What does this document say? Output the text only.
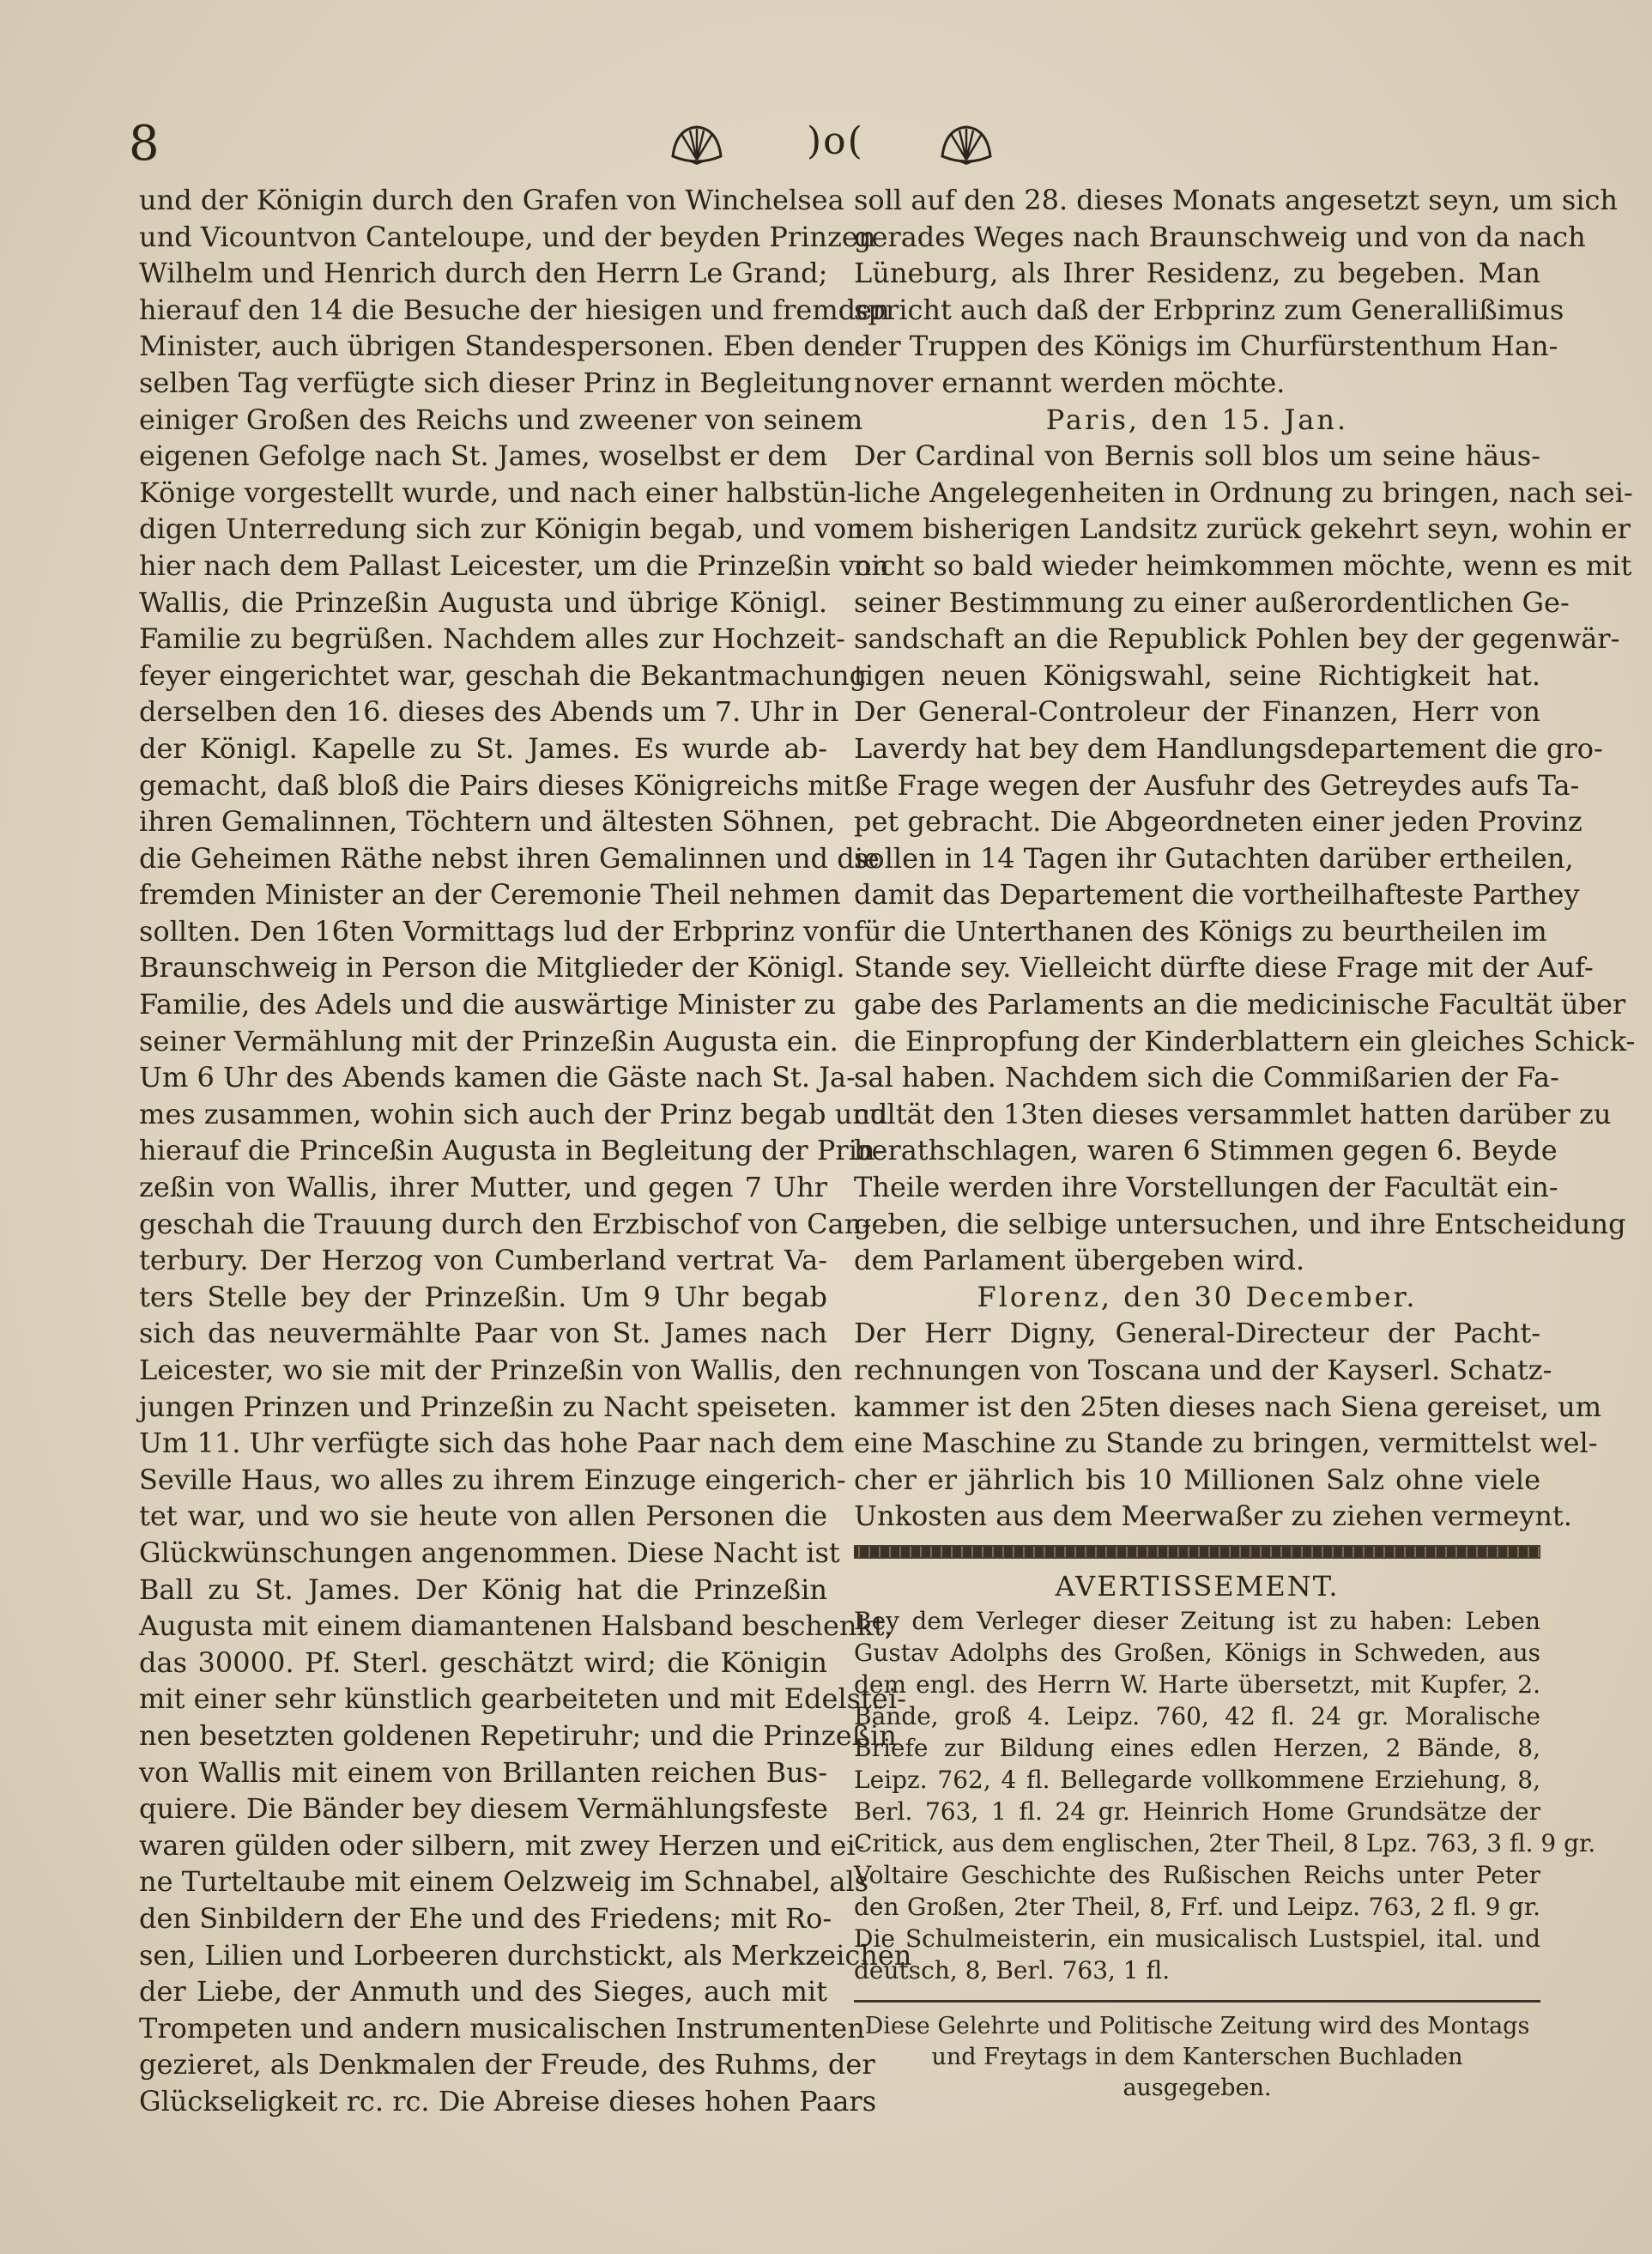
8	)o(
und der Königin durch den Grafen von Winchelsea
und Vicountvon Canteloupe, und der beyden Prinzen
Wilhelm und Henrich durch den Herrn Le Grand;
hierauf den 14 die Besuche der hiesigen und fremden
Minister, auch übrigen Standespersonen. Eben den-
selben Tag verfügte sich dieser Prinz in Begleitung
einiger Großen des Reichs und zweener von seinem
eigenen Gefolge nach St. James, woselbst er dem
Könige vorgestellt wurde, und nach einer halbstün-
digen Unterredung sich zur Königin begab, und von
hier nach dem Pallast Leicester, um die Prinzeßin von
Wallis, die Prinzeßin Augusta und übrige Königl.
Familie zu begrüßen. Nachdem alles zur Hochzeit-
feyer eingerichtet war, geschah die Bekantmachung
derselben den 16. dieses des Abends um 7. Uhr in
der Königl. Kapelle zu St. James. Es wurde ab-
gemacht, daß bloß die Pairs dieses Königreichs mit
ihren Gemalinnen, Töchtern und ältesten Söhnen,
die Geheimen Räthe nebst ihren Gemalinnen und die
fremden Minister an der Ceremonie Theil nehmen
sollten. Den 16ten Vormittags lud der Erbprinz von
Braunschweig in Person die Mitglieder der Königl.
Familie, des Adels und die auswärtige Minister zu
seiner Vermählung mit der Prinzeßin Augusta ein.
Um 6 Uhr des Abends kamen die Gäste nach St. Ja-
mes zusammen, wohin sich auch der Prinz begab und
hierauf die Princeßin Augusta in Begleitung der Prin-
zeßin von Wallis, ihrer Mutter, und gegen 7 Uhr
geschah die Trauung durch den Erzbischof von Can-
terbury. Der Herzog von Cumberland vertrat Va-
ters Stelle bey der Prinzeßin. Um 9 Uhr begab
sich das neuvermählte Paar von St. James nach
Leicester, wo sie mit der Prinzeßin von Wallis, den
jungen Prinzen und Prinzeßin zu Nacht speiseten.
Um 11. Uhr verfügte sich das hohe Paar nach dem
Seville Haus, wo alles zu ihrem Einzuge eingerich-
tet war, und wo sie heute von allen Personen die
Glückwünschungen angenommen. Diese Nacht ist
Ball zu St. James. Der König hat die Prinzeßin
Augusta mit einem diamantenen Halsband beschenkt,
das 30000. Pf. Sterl. geschätzt wird; die Königin
mit einer sehr künstlich gearbeiteten und mit Edelstei-
nen besetzten goldenen Repetiruhr; und die Prinzeßin
von Wallis mit einem von Brillanten reichen Bus-
quiere. Die Bänder bey diesem Vermählungsfeste
waren gülden oder silbern, mit zwey Herzen und ei-
ne Turteltaube mit einem Oelzweig im Schnabel, als
den Sinbildern der Ehe und des Friedens; mit Ro-
sen, Lilien und Lorbeeren durchstickt, als Merkzeichen
der Liebe, der Anmuth und des Sieges, auch mit
Trompeten und andern musicalischen Instrumenten
gezieret, als Denkmalen der Freude, des Ruhms, der
Glückseligkeit rc. rc. Die Abreise dieses hohen Paars
soll auf den 28. dieses Monats angesetzt seyn, um sich
gerades Weges nach Braunschweig und von da nach
Lüneburg, als Ihrer Residenz, zu begeben. Man
spricht auch daß der Erbprinz zum Generallißimus
der Truppen des Königs im Churfürstenthum Han-
nover ernannt werden möchte.
Paris, den 15. Jan.
Der Cardinal von Bernis soll blos um seine häus-
liche Angelegenheiten in Ordnung zu bringen, nach sei-
nem bisherigen Landsitz zurück gekehrt seyn, wohin er
nicht so bald wieder heimkommen möchte, wenn es mit
seiner Bestimmung zu einer außerordentlichen Ge-
sandschaft an die Republick Pohlen bey der gegenwär-
tigen neuen Königswahl, seine Richtigkeit hat.
Der General-Controleur der Finanzen, Herr von
Laverdy hat bey dem Handlungsdepartement die gro-
ße Frage wegen der Ausfuhr des Getreydes aufs Ta-
pet gebracht. Die Abgeordneten einer jeden Provinz
sollen in 14 Tagen ihr Gutachten darüber ertheilen,
damit das Departement die vortheilhafteste Parthey
für die Unterthanen des Königs zu beurtheilen im
Stande sey. Vielleicht dürfte diese Frage mit der Auf-
gabe des Parlaments an die medicinische Facultät über
die Einpropfung der Kinderblattern ein gleiches Schick-
sal haben. Nachdem sich die Commißarien der Fa-
cultät den 13ten dieses versammlet hatten darüber zu
berathschlagen, waren 6 Stimmen gegen 6. Beyde
Theile werden ihre Vorstellungen der Facultät ein-
geben, die selbige untersuchen, und ihre Entscheidung
dem Parlament übergeben wird.
Florenz, den 30 December.
Der Herr Digny, General-Directeur der Pacht-
rechnungen von Toscana und der Kayserl. Schatz-
kammer ist den 25ten dieses nach Siena gereiset, um
eine Maschine zu Stande zu bringen, vermittelst wel-
cher er jährlich bis 10 Millionen Salz ohne viele
Unkosten aus dem Meerwaßer zu ziehen vermeynt.
AVERTISSEMENT.
Bey dem Verleger dieser Zeitung ist zu haben: Leben
Gustav Adolphs des Großen, Königs in Schweden, aus
dem engl. des Herrn W. Harte übersetzt, mit Kupfer, 2.
Bände, groß 4. Leipz. 760, 42 fl. 24 gr. Moralische
Briefe zur Bildung eines edlen Herzen, 2 Bände, 8,
Leipz. 762, 4 fl. Bellegarde vollkommene Erziehung, 8,
Berl. 763, 1 fl. 24 gr. Heinrich Home Grundsätze der
Critick, aus dem englischen, 2ter Theil, 8 Lpz. 763, 3 fl. 9 gr.
Voltaire Geschichte des Rußischen Reichs unter Peter
den Großen, 2ter Theil, 8, Frf. und Leipz. 763, 2 fl. 9 gr.
Die Schulmeisterin, ein musicalisch Lustspiel, ital. und
deutsch, 8, Berl. 763, 1 fl.
Diese Gelehrte und Politische Zeitung wird des Montags
und Freytags in dem Kanterschen Buchladen
ausgegeben.
